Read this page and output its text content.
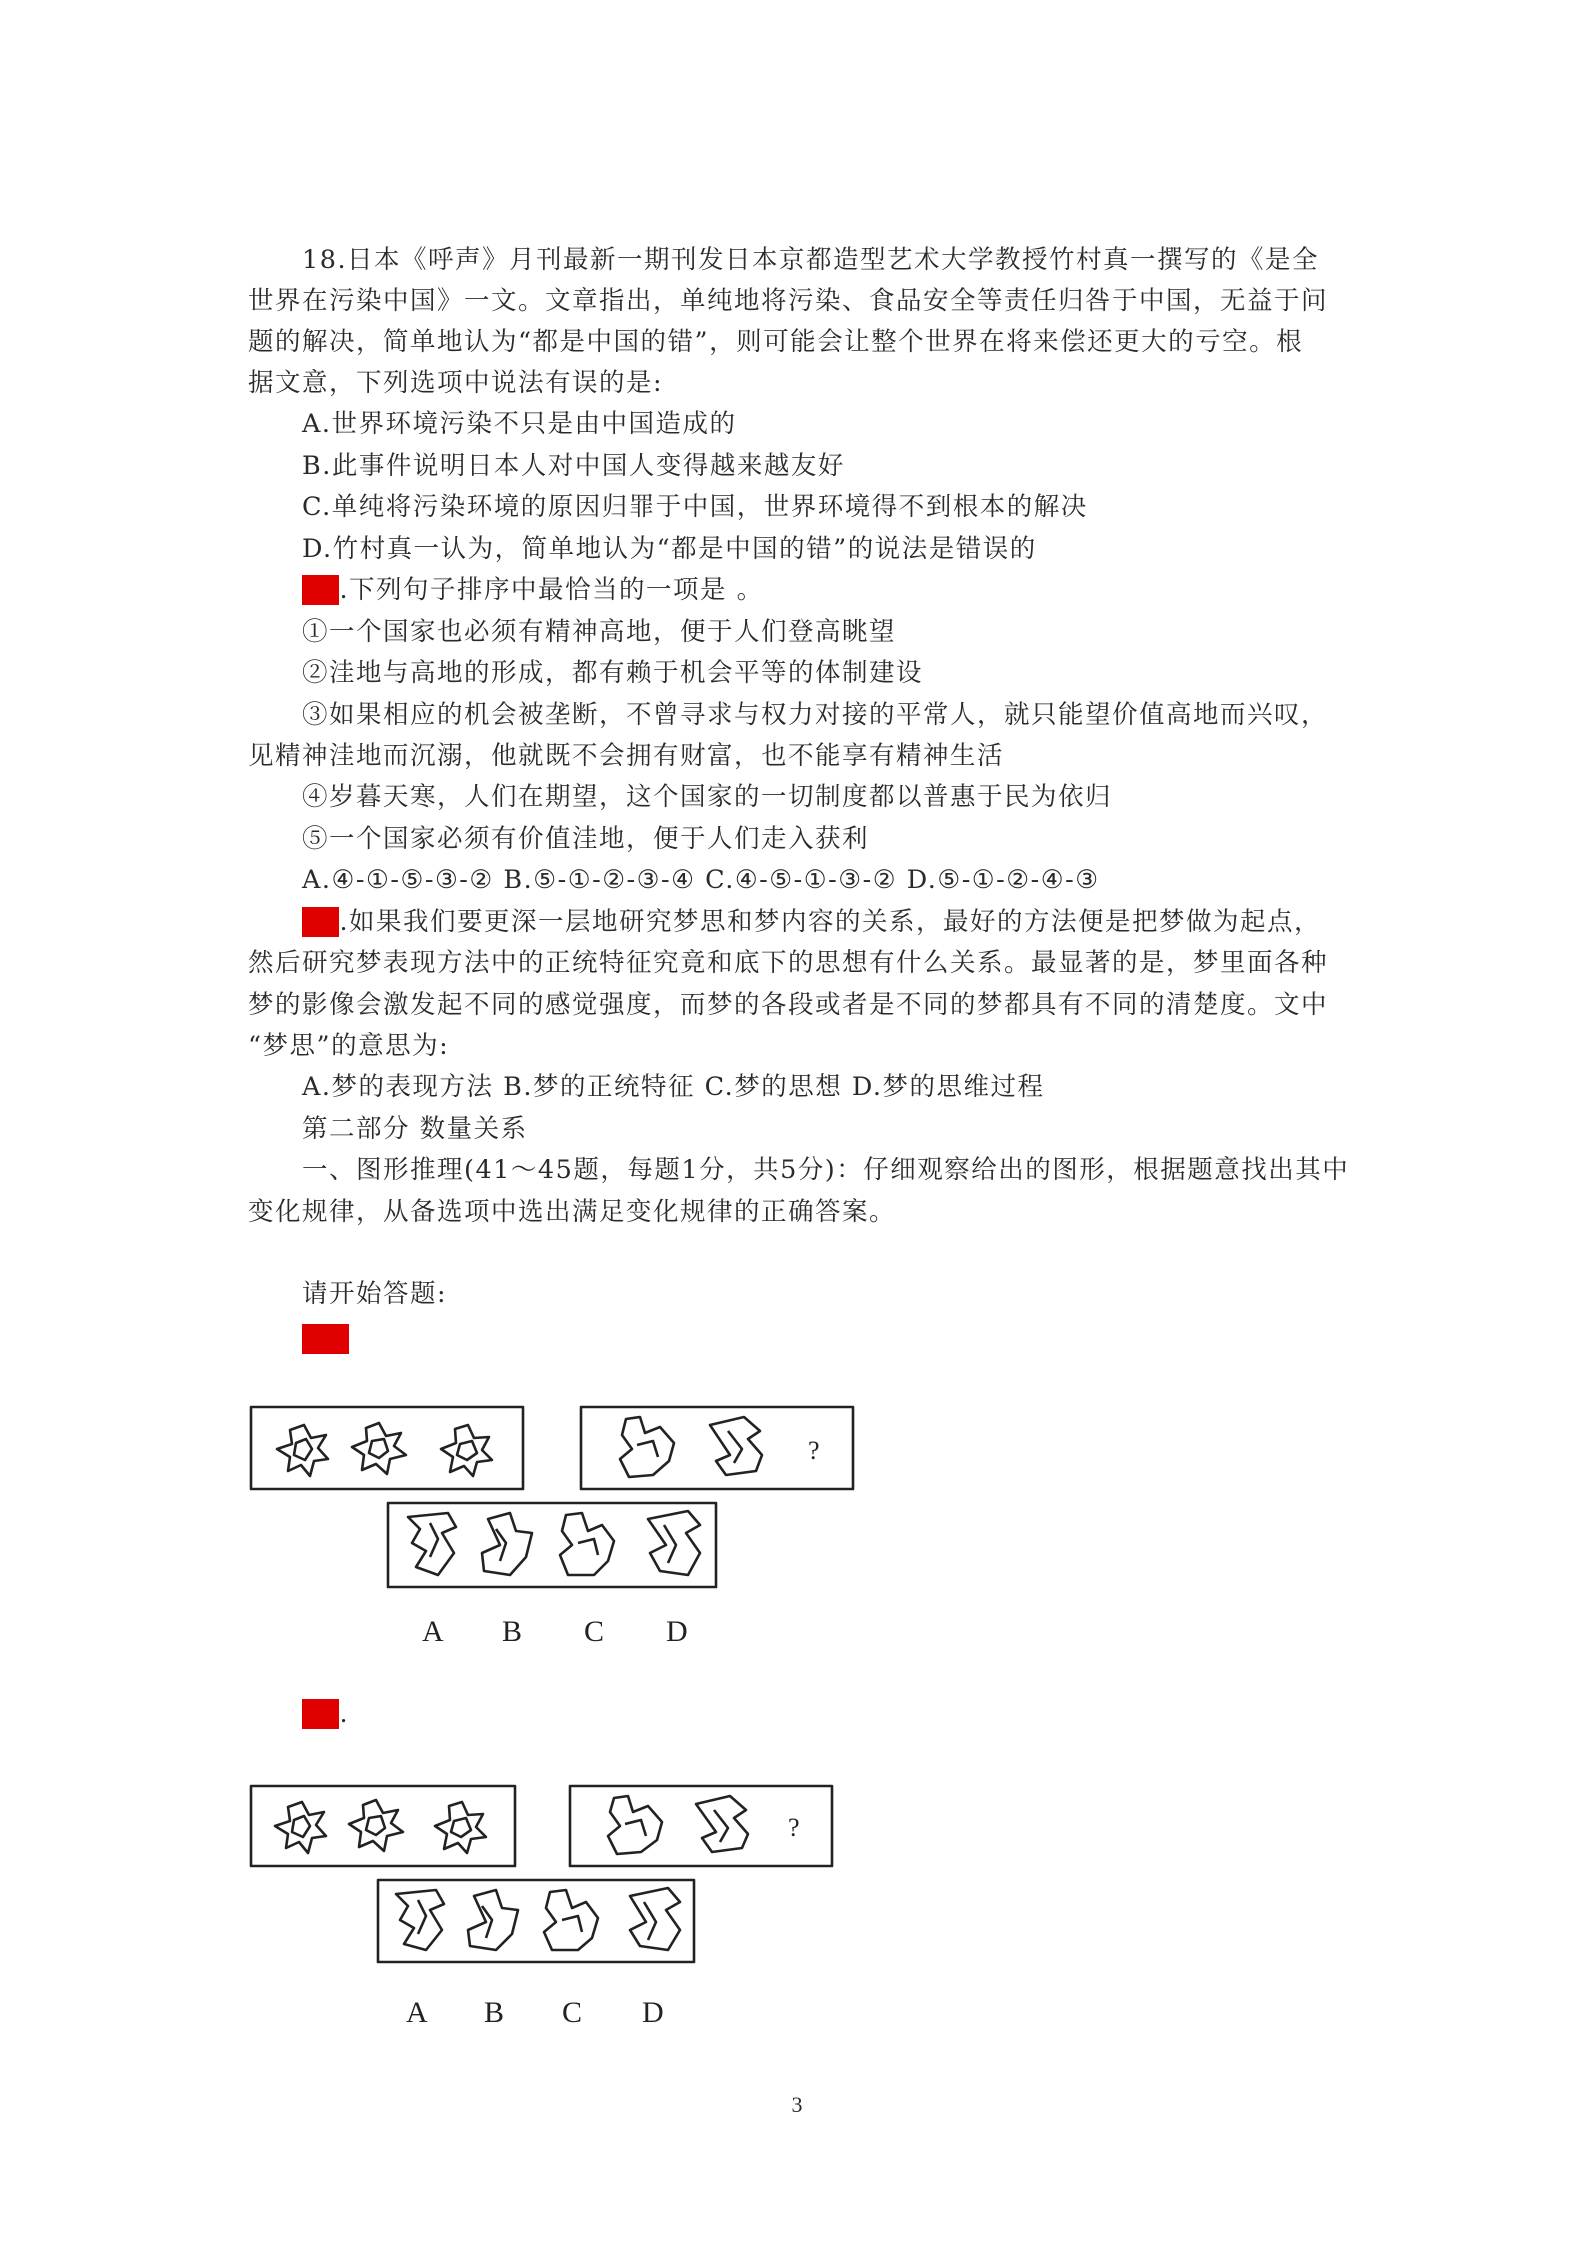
18.日本《呼声》月刊最新一期刊发日本京都造型艺术大学教授竹村真一撰写的《是全
世界在污染中国》一文。文章指出，单纯地将污染、食品安全等责任归咎于中国，无益于问
题的解决，简单地认为“都是中国的错”，则可能会让整个世界在将来偿还更大的亏空。根
据文意，下列选项中说法有误的是:
A.世界环境污染不只是由中国造成的
B.此事件说明日本人对中国人变得越来越友好
C.单纯将污染环境的原因归罪于中国，世界环境得不到根本的解决
D.竹村真一认为，简单地认为“都是中国的错”的说法是错误的
19.下列句子排序中最恰当的一项是 。
①一个国家也必须有精神高地，便于人们登高眺望
②洼地与高地的形成，都有赖于机会平等的体制建设
③如果相应的机会被垄断，不曾寻求与权力对接的平常人，就只能望价值高地而兴叹，
见精神洼地而沉溺，他就既不会拥有财富，也不能享有精神生活
④岁暮天寒，人们在期望，这个国家的一切制度都以普惠于民为依归
⑤一个国家必须有价值洼地，便于人们走入获利
A.④-①-⑤-③-② B.⑤-①-②-③-④ C.④-⑤-①-③-② D.⑤-①-②-④-③
20.如果我们要更深一层地研究梦思和梦内容的关系，最好的方法便是把梦做为起点，
然后研究梦表现方法中的正统特征究竟和底下的思想有什么关系。最显著的是，梦里面各种
梦的影像会激发起不同的感觉强度，而梦的各段或者是不同的梦都具有不同的清楚度。文中
“梦思”的意思为:
A.梦的表现方法 B.梦的正统特征 C.梦的思想 D.梦的思维过程
第二部分 数量关系
一、图形推理(41～45题，每题1分，共5分)：仔细观察给出的图形，根据题意找出其中
变化规律，从备选项中选出满足变化规律的正确答案。
请开始答题:
41.
?
A B C D
42.
?
A B C D
3
